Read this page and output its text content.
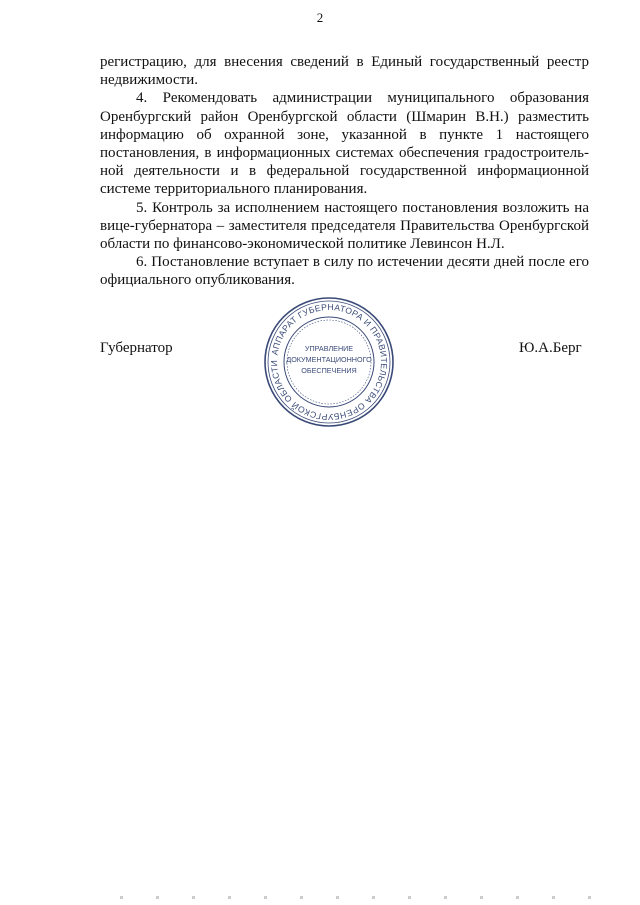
2

регистрацию, для внесения сведений в Единый государственный реестр недвижимости.

4. Рекомендовать администрации муниципального образования Оренбургский район Оренбургской области (Шмарин В.Н.) разместить информацию об охранной зоне, указанной в пункте 1 настоящего постановления, в информационных системах обеспечения градостроитель-ной деятельности и в федеральной государственной информационной системе территориального планирования.

5. Контроль за исполнением настоящего постановления возложить на вице-губернатора – заместителя председателя Правительства Оренбургской области по финансово-экономической политике Левинсон Н.Л.

6. Постановление вступает в силу по истечении десяти дней после его официального опубликования.

Губернатор	АППАРАТ ГУБЕРНАТОРА И ПРАВИТЕЛЬСТВА ОРЕНБУРГСКОЙ ОБЛАСТИ
УПРАВЛЕНИЕ
ДОКУМЕНТАЦИОННОГО
ОБЕСПЕЧЕНИЯ
Ю.А.Берг
